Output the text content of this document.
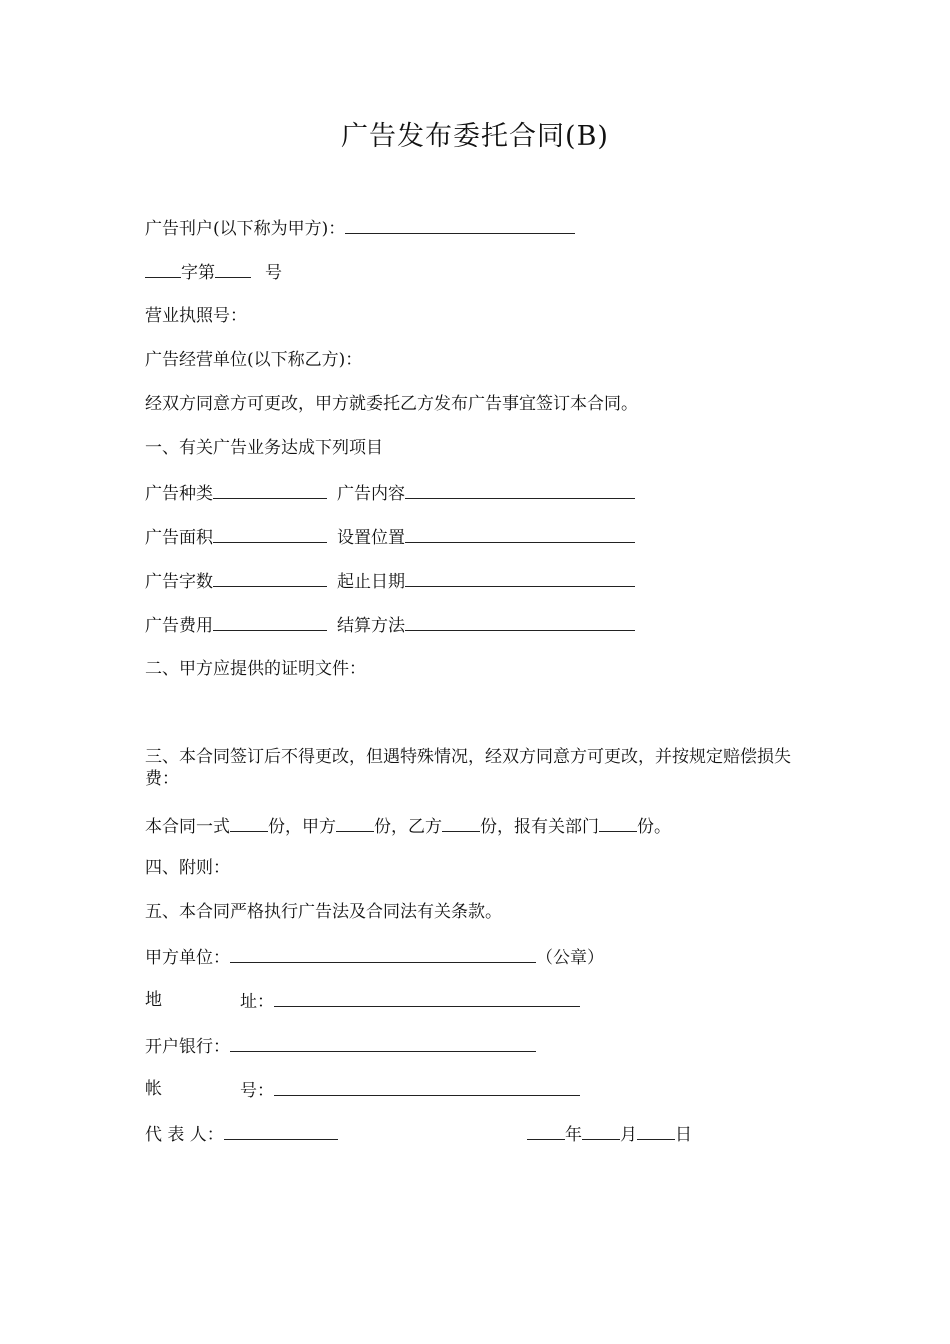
广告发布委托合同(B)
广告刊户(以下称为甲方)：
字第	号
营业执照号：
广告经营单位(以下称乙方)：
经双方同意方可更改，甲方就委托乙方发布广告事宜签订本合同。
一、有关广告业务达成下列项目
广告种类	广告内容
广告面积	设置位置
广告字数	起止日期
广告费用	结算方法
二、甲方应提供的证明文件：
三、本合同签订后不得更改，但遇特殊情况，经双方同意方可更改，并按规定赔偿损失费：
本合同一式 份，甲方 份，乙方 份，报有关部门 份。
四、附则：
五、本合同严格执行广告法及合同法有关条款。
甲方单位：	（公章）
地	址：
开户银行：
帐	号：
代 表 人：	年 月 日
